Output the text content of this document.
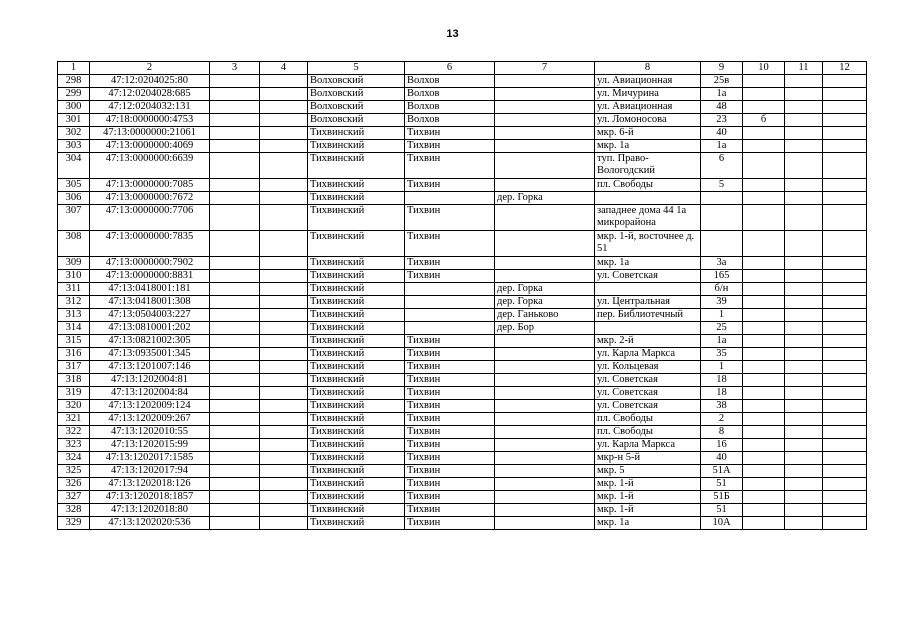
13
1	2	3	4	5	6	7	8	9	10	11	12
298	47:12:0204025:80			Волховский	Волхов		ул. Авиационная	25в			
299	47:12:0204028:685			Волховский	Волхов		ул. Мичурина	1а			
300	47:12:0204032:131			Волховский	Волхов		ул. Авиационная	48			
301	47:18:0000000:4753			Волховский	Волхов		ул. Ломоносова	23	б		
302	47:13:0000000:21061			Тихвинский	Тихвин		мкр. 6-й	40			
303	47:13:0000000:4069			Тихвинский	Тихвин		мкр. 1а	1а			
304	47:13:0000000:6639			Тихвинский	Тихвин		туп. Право-Вологодский	6			
305	47:13:0000000:7085			Тихвинский	Тихвин		пл. Свободы	5			
306	47:13:0000000:7672			Тихвинский		дер. Горка					
307	47:13:0000000:7706			Тихвинский	Тихвин		западнее дома 44 1а микрорайона				
308	47:13:0000000:7835			Тихвинский	Тихвин		мкр. 1-й, восточнее д. 51				
309	47:13:0000000:7902			Тихвинский	Тихвин		мкр. 1а	3а			
310	47:13:0000000:8831			Тихвинский	Тихвин		ул. Советская	165			
311	47:13:0418001:181			Тихвинский		дер. Горка		б/н			
312	47:13:0418001:308			Тихвинский		дер. Горка	ул. Центральная	39			
313	47:13:0504003:227			Тихвинский		дер. Ганьково	пер. Библиотечный	1			
314	47:13:0810001:202			Тихвинский		дер. Бор		25			
315	47:13:0821002:305			Тихвинский	Тихвин		мкр. 2-й	1а			
316	47:13:0935001:345			Тихвинский	Тихвин		ул. Карла Маркса	35			
317	47:13:1201007:146			Тихвинский	Тихвин		ул. Кольцевая	1			
318	47:13:1202004:81			Тихвинский	Тихвин		ул. Советская	18			
319	47:13:1202004:84			Тихвинский	Тихвин		ул. Советская	18			
320	47:13:1202009:124			Тихвинский	Тихвин		ул. Советская	38			
321	47:13:1202009:267			Тихвинский	Тихвин		пл. Свободы	2			
322	47:13:1202010:55			Тихвинский	Тихвин		пл. Свободы	8			
323	47:13:1202015:99			Тихвинский	Тихвин		ул. Карла Маркса	16			
324	47:13:1202017:1585			Тихвинский	Тихвин		мкр-н 5-й	40			
325	47:13:1202017:94			Тихвинский	Тихвин		мкр. 5	51А			
326	47:13:1202018:126			Тихвинский	Тихвин		мкр. 1-й	51			
327	47:13:1202018:1857			Тихвинский	Тихвин		мкр. 1-й	51Б			
328	47:13:1202018:80			Тихвинский	Тихвин		мкр. 1-й	51			
329	47:13:1202020:536			Тихвинский	Тихвин		мкр. 1а	10А			
